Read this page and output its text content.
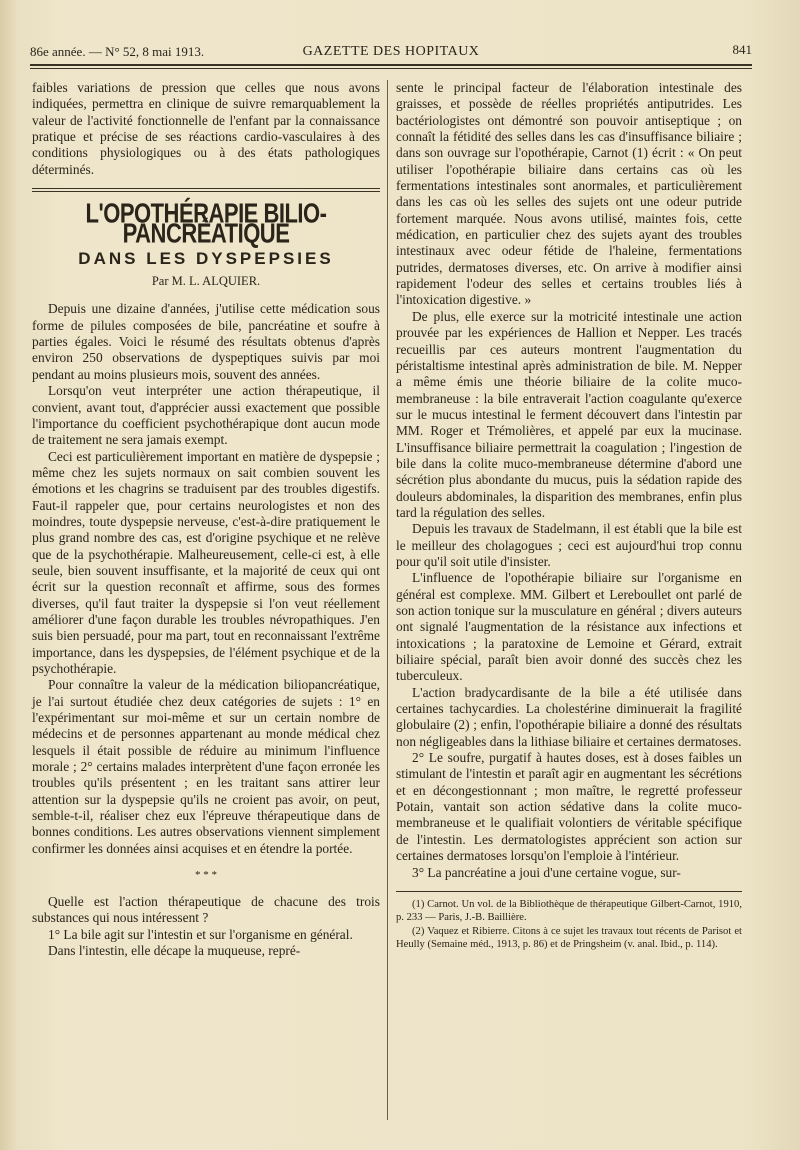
86e année. — N° 52, 8 mai 1913.	GAZETTE DES HOPITAUX	841

faibles variations de pression que celles que nous avons indiquées, permettra en clinique de suivre remarquablement la valeur de l'activité fonctionnelle de l'enfant par la connaissance pratique et précise de ses réactions cardio-vasculaires à des conditions physiologiques ou à des états pathologiques déterminés.

L'OPOTHÉRAPIE BILIO-PANCRÉATIQUE
DANS LES DYSPEPSIES
Par M. L. ALQUIER.

Depuis une dizaine d'années, j'utilise cette médication sous forme de pilules composées de bile, pancréatine et soufre à parties égales. Voici le résumé des résultats obtenus d'après environ 250 observations de dyspeptiques suivis par moi pendant au moins plusieurs mois, souvent des années.

Lorsqu'on veut interpréter une action thérapeutique, il convient, avant tout, d'apprécier aussi exactement que possible l'importance du coefficient psychothérapique dont aucun mode de traitement ne sera jamais exempt.

Ceci est particulièrement important en matière de dyspepsie ; même chez les sujets normaux on sait combien souvent les émotions et les chagrins se traduisent par des troubles digestifs. Faut-il rappeler que, pour certains neurologistes et non des moindres, toute dyspepsie nerveuse, c'est-à-dire pratiquement le plus grand nombre des cas, est d'origine psychique et ne relève que de la psychothérapie. Malheureusement, celle-ci est, à elle seule, bien souvent insuffisante, et la majorité de ceux qui ont écrit sur la question reconnaît et affirme, sous des formes diverses, qu'il faut traiter la dyspepsie si l'on veut réellement améliorer d'une façon durable les troubles névropathiques. J'en suis bien persuadé, pour ma part, tout en reconnaissant l'extrême importance, dans les dyspepsies, de l'élément psychique et de la psychothérapie.

Pour connaître la valeur de la médication biliopancréatique, je l'ai surtout étudiée chez deux catégories de sujets : 1° en l'expérimentant sur moi-même et sur un certain nombre de médecins et de personnes appartenant au monde médical chez lesquels il était possible de réduire au minimum l'influence morale ; 2° certains malades interprètent d'une façon erronée les troubles qu'ils présentent ; en les traitant sans attirer leur attention sur la dyspepsie qu'ils ne croient pas avoir, on peut, semble-t-il, réaliser chez eux l'épreuve thérapeutique dans de bonnes conditions. Les autres observations viennent simplement confirmer les données ainsi acquises et en étendre la portée.

* * *

Quelle est l'action thérapeutique de chacune des trois substances qui nous intéressent ?

1° La bile agit sur l'intestin et sur l'organisme en général.

Dans l'intestin, elle décape la muqueuse, repré-

sente le principal facteur de l'élaboration intestinale des graisses, et possède de réelles propriétés antiputrides. Les bactériologistes ont démontré son pouvoir antiseptique ; on connaît la fétidité des selles dans les cas d'insuffisance biliaire ; dans son ouvrage sur l'opothérapie, Carnot (1) écrit : « On peut utiliser l'opothérapie biliaire dans certains cas où les fermentations intestinales sont anormales, et particulièrement dans les cas où les selles des sujets ont une odeur putride fortement marquée. Nous avons utilisé, maintes fois, cette médication, en particulier chez des sujets ayant des troubles intestinaux avec odeur fétide de l'haleine, fermentations putrides, dermatoses diverses, etc. On arrive à modifier ainsi rapidement l'odeur des selles et certains troubles liés à l'intoxication digestive. »

De plus, elle exerce sur la motricité intestinale une action prouvée par les expériences de Hallion et Nepper. Les tracés recueillis par ces auteurs montrent l'augmentation du péristaltisme intestinal après administration de bile. M. Nepper a même émis une théorie biliaire de la colite muco-membraneuse : la bile entraverait l'action coagulante qu'exerce sur le mucus intestinal le ferment découvert dans l'intestin par MM. Roger et Trémolières, et appelé par eux la mucinase. L'insuffisance biliaire permettrait la coagulation ; l'ingestion de bile dans la colite muco-membraneuse détermine d'abord une sécrétion plus abondante du mucus, puis la sédation rapide des douleurs abdominales, la disparition des membranes, enfin plus tard la régulation des selles.

Depuis les travaux de Stadelmann, il est établi que la bile est le meilleur des cholagogues ; ceci est aujourd'hui trop connu pour qu'il soit utile d'insister.

L'influence de l'opothérapie biliaire sur l'organisme en général est complexe. MM. Gilbert et Lereboullet ont parlé de son action tonique sur la musculature en général ; divers auteurs ont signalé l'augmentation de la résistance aux infections et intoxications ; la paratoxine de Lemoine et Gérard, extrait biliaire spécial, paraît bien avoir donné des succès chez les tuberculeux.

L'action bradycardisante de la bile a été utilisée dans certaines tachycardies. La cholestérine diminuerait la fragilité globulaire (2) ; enfin, l'opothérapie biliaire a donné des résultats non négligeables dans la lithiase biliaire et certaines dermatoses.

2° Le soufre, purgatif à hautes doses, est à doses faibles un stimulant de l'intestin et paraît agir en augmentant les sécrétions et en décongestionnant ; mon maître, le regretté professeur Potain, vantait son action sédative dans la colite muco-membraneuse et le qualifiait volontiers de véritable spécifique de l'intestin. Les dermatologistes apprécient son action sur certaines dermatoses lorsqu'on l'emploie à l'intérieur.

3° La pancréatine a joui d'une certaine vogue, sur-

(1) Carnot. Un vol. de la Bibliothèque de thérapeutique Gilbert-Carnot, 1910, p. 233 — Paris, J.-B. Baillière.

(2) Vaquez et Ribierre. Citons à ce sujet les travaux tout récents de Parisot et Heully (Semaine méd., 1913, p. 86) et de Pringsheim (v. anal. Ibid., p. 114).
